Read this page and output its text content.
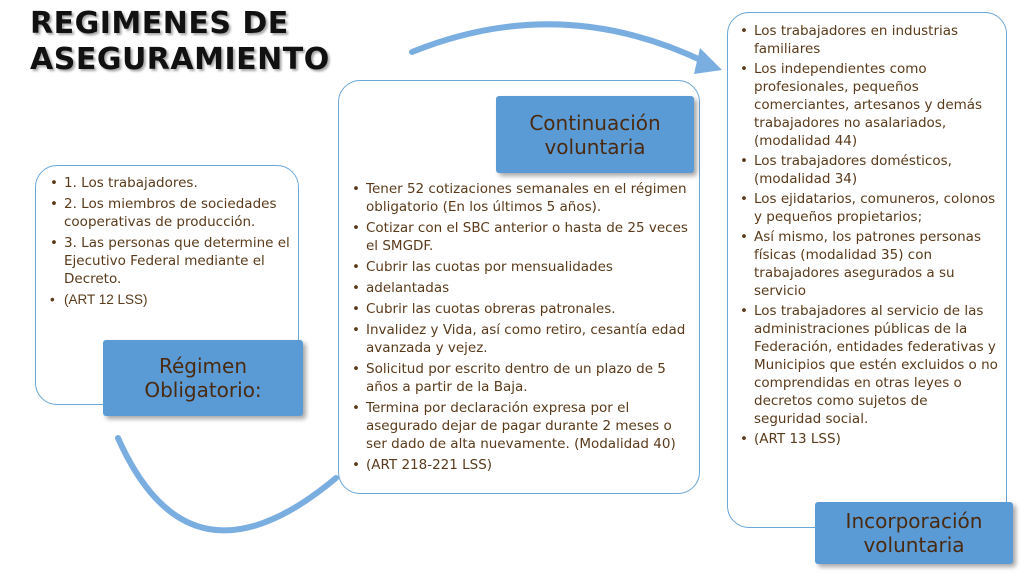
REGIMENES DE ASEGURAMIENTO
• 1. Los trabajadores.
• 2. Los miembros de sociedades cooperativas de producción.
• 3. Las personas que determine el Ejecutivo Federal mediante el Decreto.
• (ART 12 LSS)
• Tener 52 cotizaciones semanales en el régimen obligatorio (En los últimos 5 años).
• Cotizar con el SBC anterior o hasta de 25 veces el SMGDF.
• Cubrir las cuotas por mensualidades
• adelantadas
• Cubrir las cuotas obreras patronales.
• Invalidez y Vida, así como retiro, cesantía edad avanzada y vejez.
• Solicitud por escrito dentro de un plazo de 5 años a partir de la Baja.
• Termina por declaración expresa por el asegurado dejar de pagar durante 2 meses o ser dado de alta nuevamente. (Modalidad 40)
• (ART 218-221 LSS)
• Los trabajadores en industrias familiares
• Los independientes como profesionales, pequeños comerciantes, artesanos y demás trabajadores no asalariados, (modalidad 44)
• Los trabajadores domésticos, (modalidad 34)
• Los ejidatarios, comuneros, colonos y pequeños propietarios;
• Así mismo, los patrones personas físicas (modalidad 35) con trabajadores asegurados a su servicio
• Los trabajadores al servicio de las administraciones públicas de la Federación, entidades federativas y Municipios que estén excluidos o no comprendidas en otras leyes o decretos como sujetos de seguridad social.
• (ART 13 LSS)
Régimen Obligatorio:
Continuación voluntaria
Incorporación voluntaria
